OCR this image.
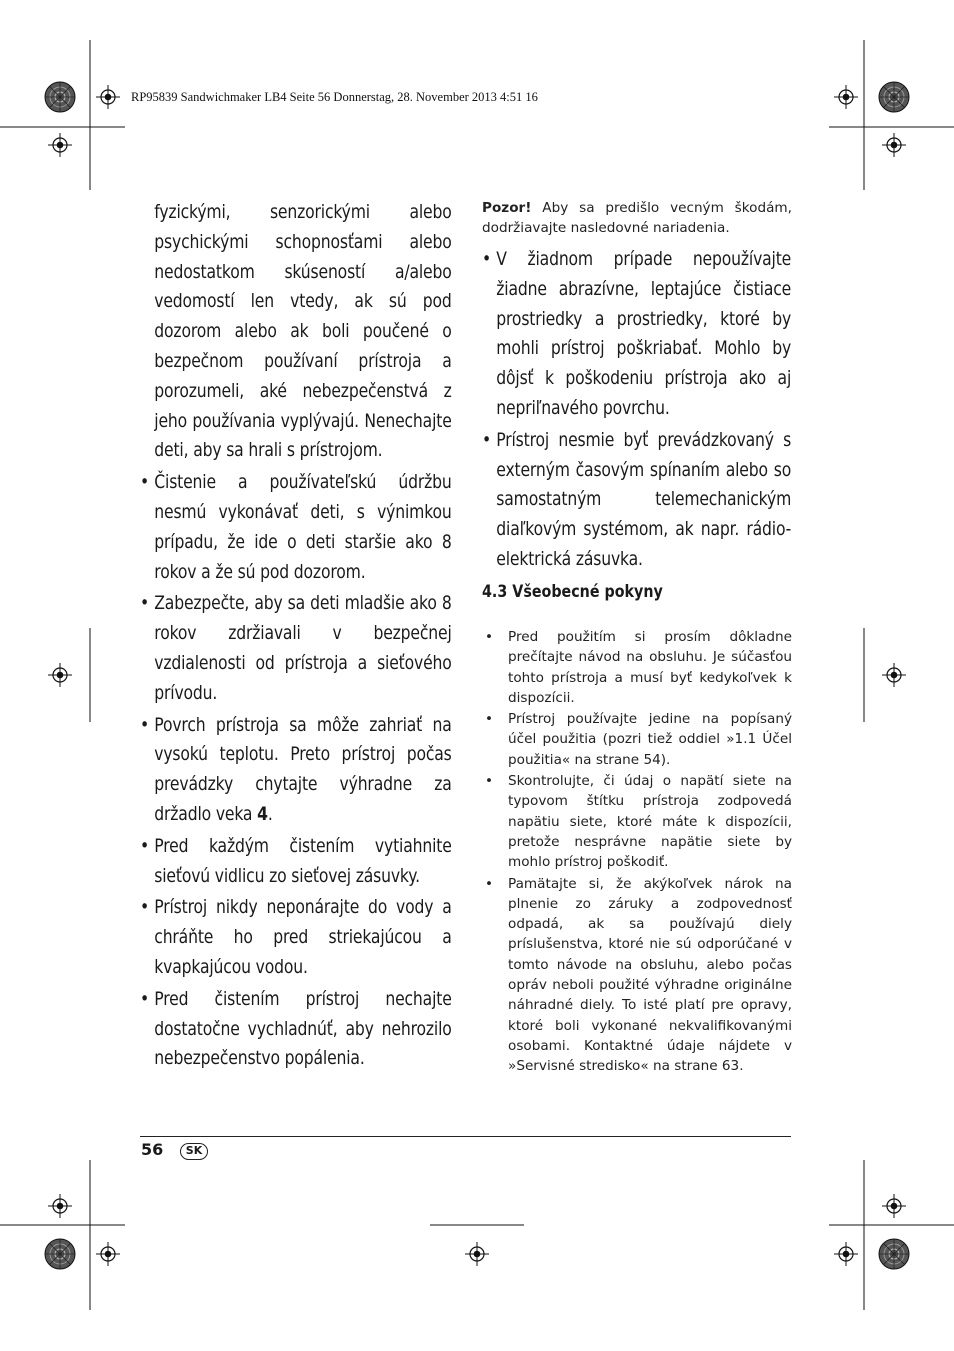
RP95839 Sandwichmaker LB4 Seite 56 Donnerstag, 28. November 2013 4:51 16

fyzickými, senzorickými alebo psychickými schopnosťami alebo nedostatkom skúseností a/alebo vedomostí len vtedy, ak sú pod dozorom alebo ak boli poučené o bezpečnom používaní prístroja a porozumeli, aké nebezpečenstvá z jeho používania vyplývajú. Nenechajte deti, aby sa hrali s prístrojom.

• Čistenie a používateľskú údržbu nesmú vykonávať deti, s výnimkou prípadu, že ide o deti staršie ako 8 rokov a že sú pod dozorom.
• Zabezpečte, aby sa deti mladšie ako 8 rokov zdržiavali v bezpečnej vzdialenosti od prístroja a sieťového prívodu.
• Povrch prístroja sa môže zahriať na vysokú teplotu. Preto prístroj počas prevádzky chytajte výhradne za držadlo veka 4.
• Pred každým čistením vytiahnite sieťovú vidlicu zo sieťovej zásuvky.
• Prístroj nikdy neponárajte do vody a chráňte ho pred striekajúcou a kvapkajúcou vodou.
• Pred čistením prístroj nechajte dostatočne vychladnúť, aby nehrozilo nebezpečenstvo popálenia.
Pozor! Aby sa predišlo vecným škodám, dodržiavajte nasledovné nariadenia.
• V žiadnom prípade nepoužívajte žiadne abrazívne, leptajúce čistiace prostriedky a prostriedky, ktoré by mohli prístroj poškriabať. Mohlo by dôjsť k poškodeniu prístroja ako aj nepriľnavého povrchu.
• Prístroj nesmie byť prevádzkovaný s externým časovým spínaním alebo so samostatným telemechanickým diaľkovým systémom, ak napr. rádio-elektrická zásuvka.
4.3 Všeobecné pokyny
• Pred použitím si prosím dôkladne prečítajte návod na obsluhu. Je súčasťou tohto prístroja a musí byť kedykoľvek k dispozícii.
• Prístroj používajte jedine na popísaný účel použitia (pozri tiež oddiel »1.1 Účel použitia« na strane 54).
• Skontrolujte, či údaj o napätí siete na typovom štítku prístroja zodpovedá napätiu siete, ktoré máte k dispozícii, pretože nesprávne napätie siete by mohlo prístroj poškodiť.
• Pamätajte si, že akýkoľvek nárok na plnenie zo záruky a zodpovednosť odpadá, ak sa používajú diely príslušenstva, ktoré nie sú odporúčané v tomto návode na obsluhu, alebo počas opráv neboli použité výhradne originálne náhradné diely. To isté platí pre opravy, ktoré boli vykonané nekvalifikovanými osobami. Kontaktné údaje nájdete v »Servisné stredisko« na strane 63.
56	SK
